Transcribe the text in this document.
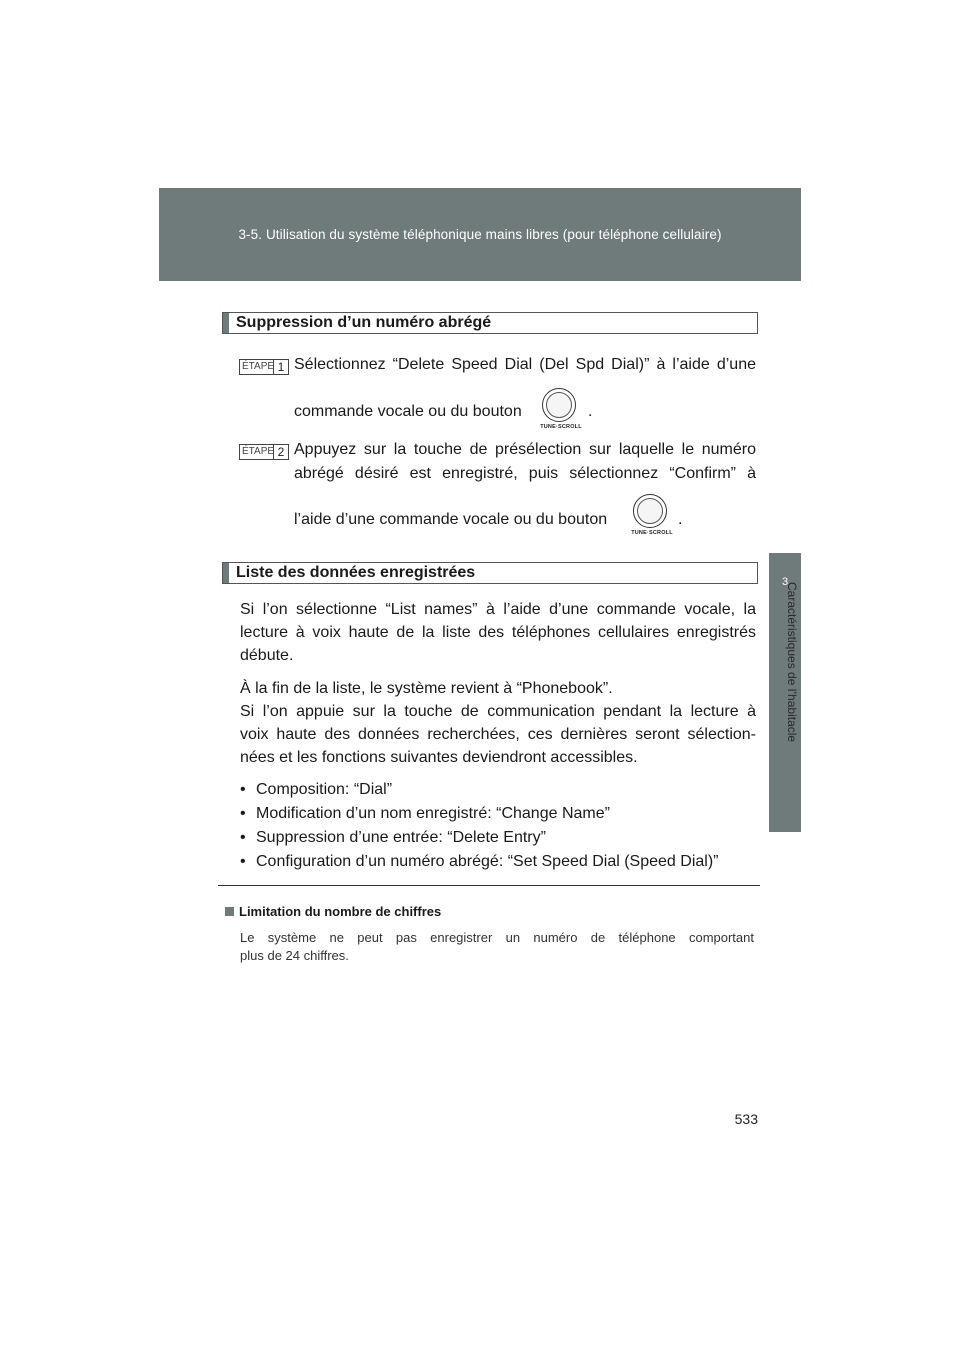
3-5. Utilisation du système téléphonique mains libres (pour téléphone cellulaire)
3
Caractéristiques de l’habitacle
Suppression d’un numéro abrégé
ÉTAPE 1 Sélectionnez “Delete Speed Dial (Del Spd Dial)” à l’aide d’une
commande vocale ou du bouton
TUNE·SCROLL
.
ÉTAPE 2 Appuyez sur la touche de présélection sur laquelle le numéro
abrégé désiré est enregistré, puis sélectionnez “Confirm” à
l’aide d’une commande vocale ou du bouton
TUNE·SCROLL
.
Liste des données enregistrées
Si l’on sélectionne “List names” à l’aide d’une commande vocale, la
lecture à voix haute de la liste des téléphones cellulaires enregistrés
débute.
À la fin de la liste, le système revient à “Phonebook”.
Si l’on appuie sur la touche de communication pendant la lecture à
voix haute des données recherchées, ces dernières seront sélection-
nées et les fonctions suivantes deviendront accessibles.
• Composition: “Dial”
• Modification d’un nom enregistré: “Change Name”
• Suppression d’une entrée: “Delete Entry”
• Configuration d’un numéro abrégé: “Set Speed Dial (Speed Dial)”
Limitation du nombre de chiffres
Le système ne peut pas enregistrer un numéro de téléphone comportant
plus de 24 chiffres.
533
